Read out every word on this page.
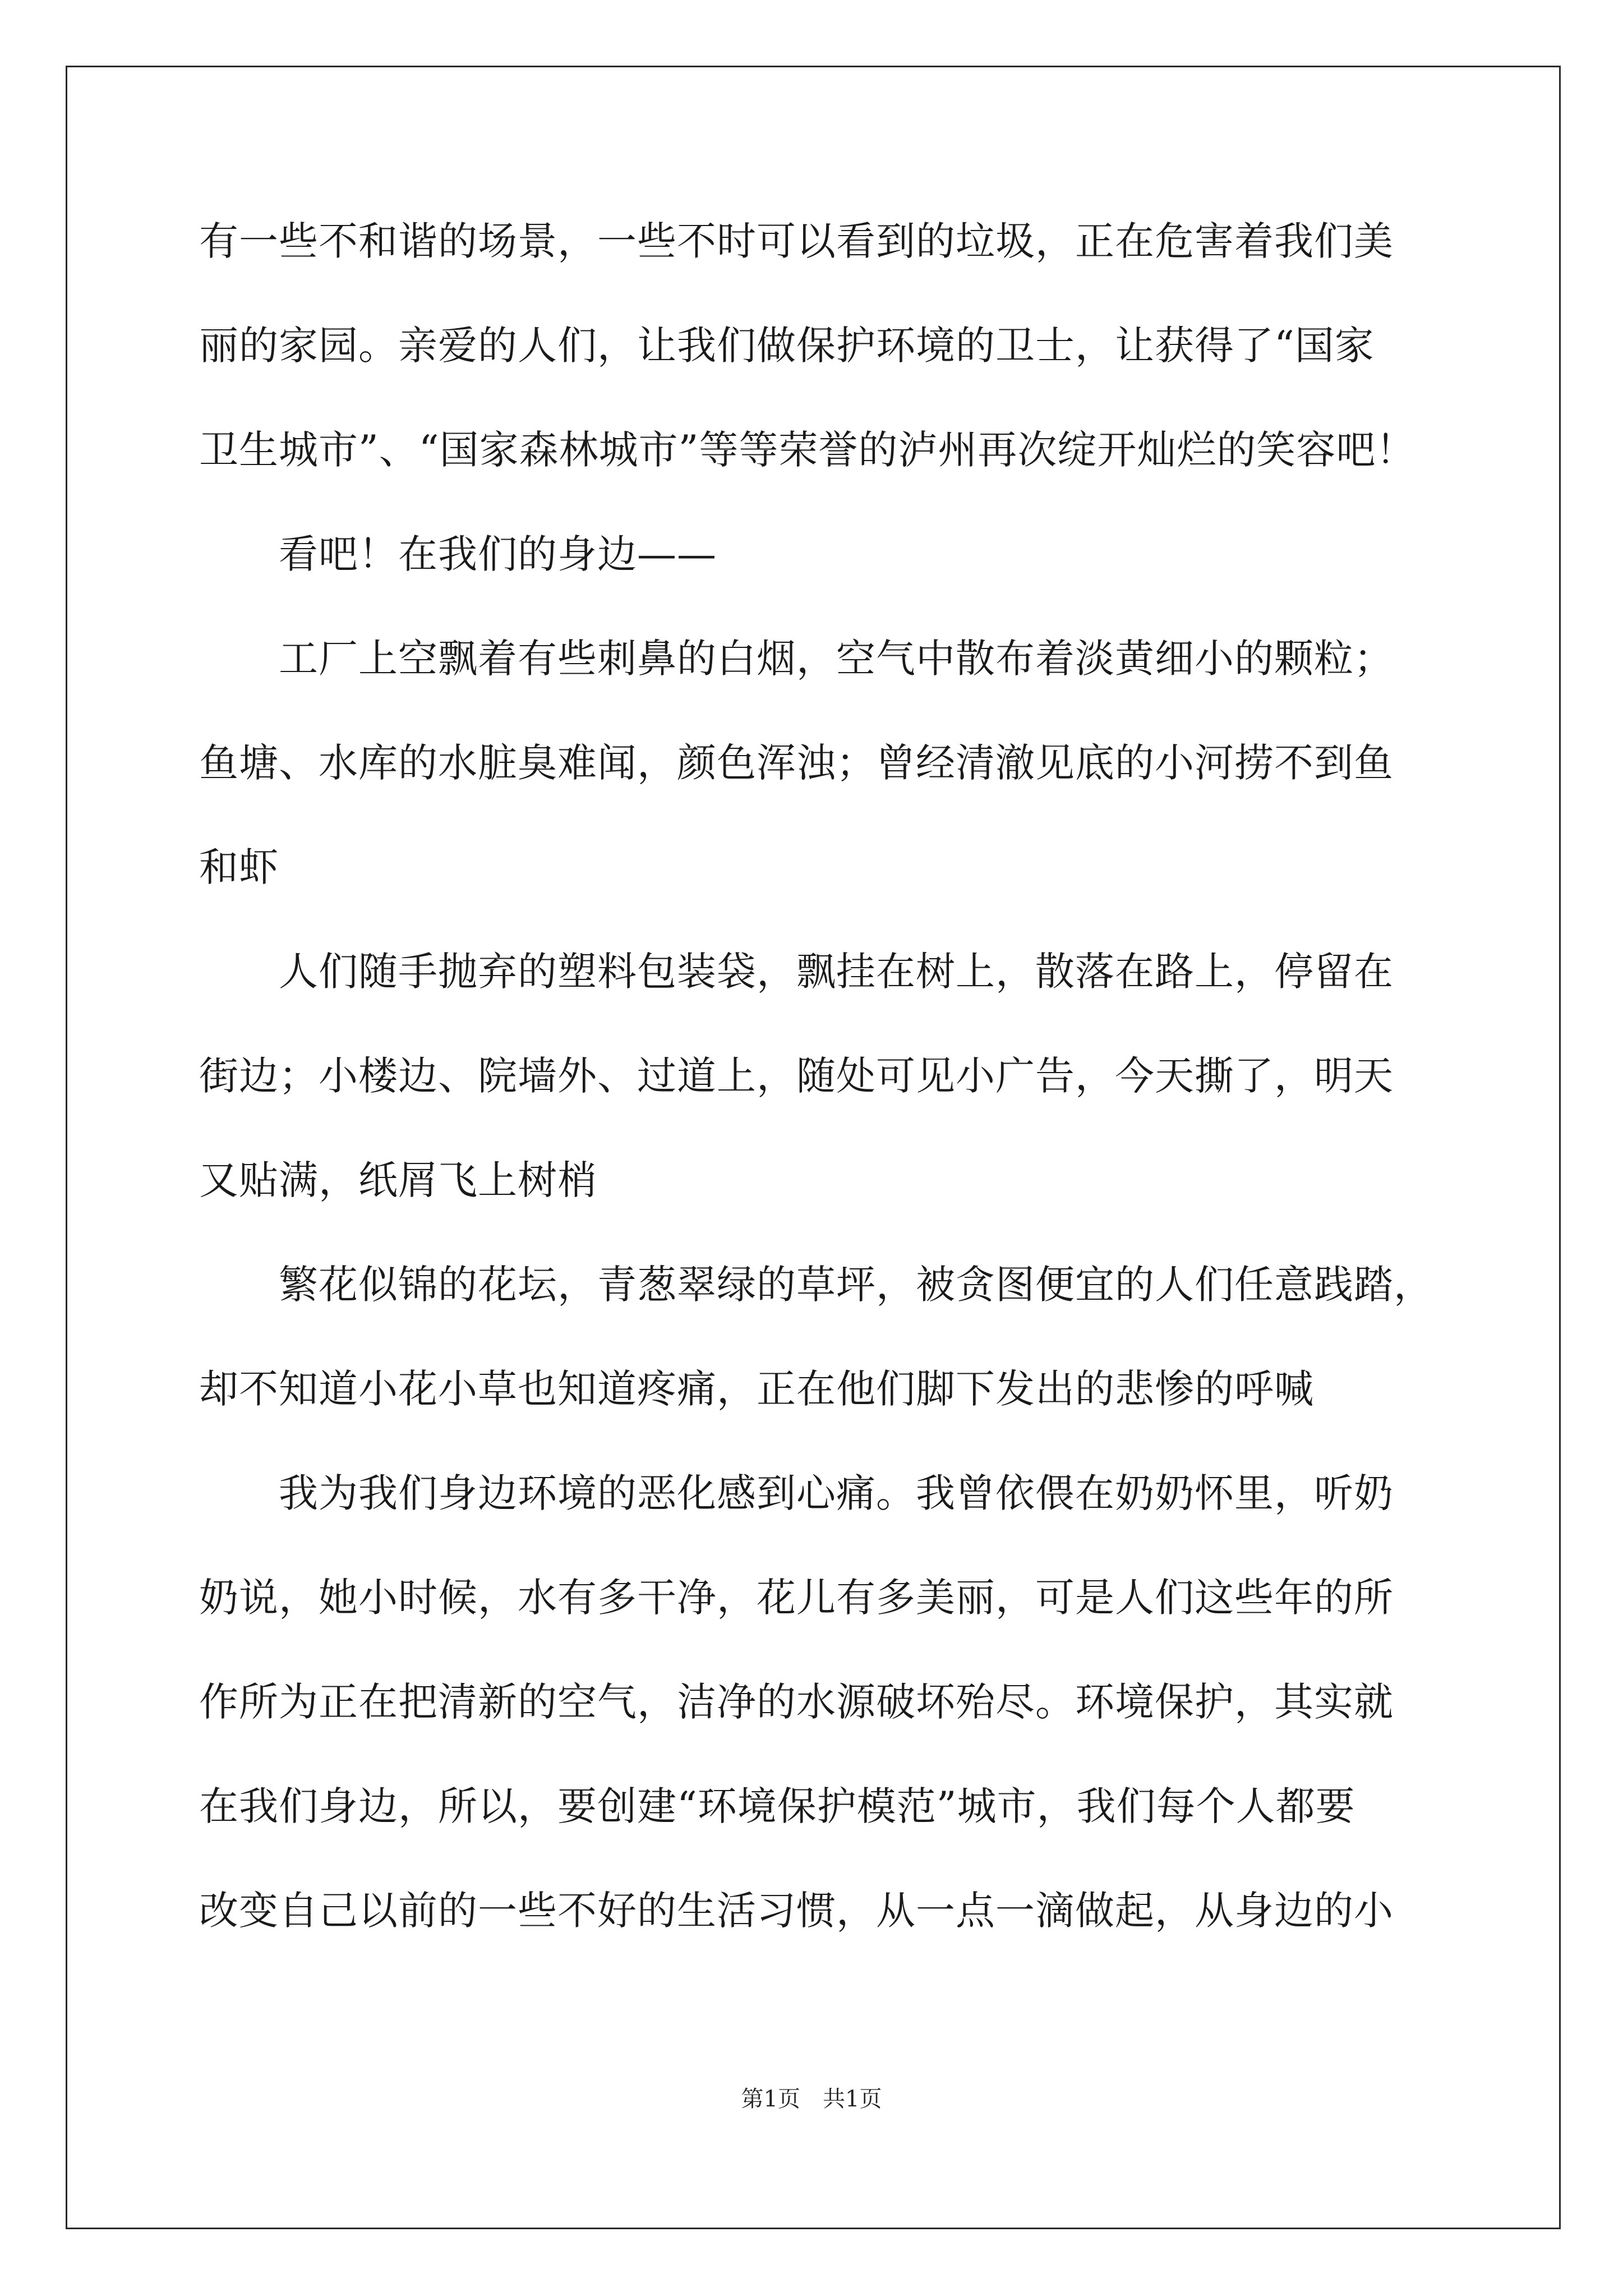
有一些不和谐的场景，一些不时可以看到的垃圾，正在危害着我们美
丽的家园。亲爱的人们，让我们做保护环境的卫士，让获得了“国家
卫生城市”、“国家森林城市”等等荣誉的泸州再次绽开灿烂的笑容吧！
　　看吧！在我们的身边——
　　工厂上空飘着有些刺鼻的白烟，空气中散布着淡黄细小的颗粒；
鱼塘、水库的水脏臭难闻，颜色浑浊；曾经清澈见底的小河捞不到鱼
和虾
　　人们随手抛弃的塑料包装袋，飘挂在树上，散落在路上，停留在
街边；小楼边、院墙外、过道上，随处可见小广告，今天撕了，明天
又贴满，纸屑飞上树梢
　　繁花似锦的花坛，青葱翠绿的草坪，被贪图便宜的人们任意践踏，
却不知道小花小草也知道疼痛，正在他们脚下发出的悲惨的呼喊
　　我为我们身边环境的恶化感到心痛。我曾依偎在奶奶怀里，听奶
奶说，她小时候，水有多干净，花儿有多美丽，可是人们这些年的所
作所为正在把清新的空气，洁净的水源破坏殆尽。环境保护，其实就
在我们身边，所以，要创建“环境保护模范”城市，我们每个人都要
改变自己以前的一些不好的生活习惯，从一点一滴做起，从身边的小
第1页　共1页
